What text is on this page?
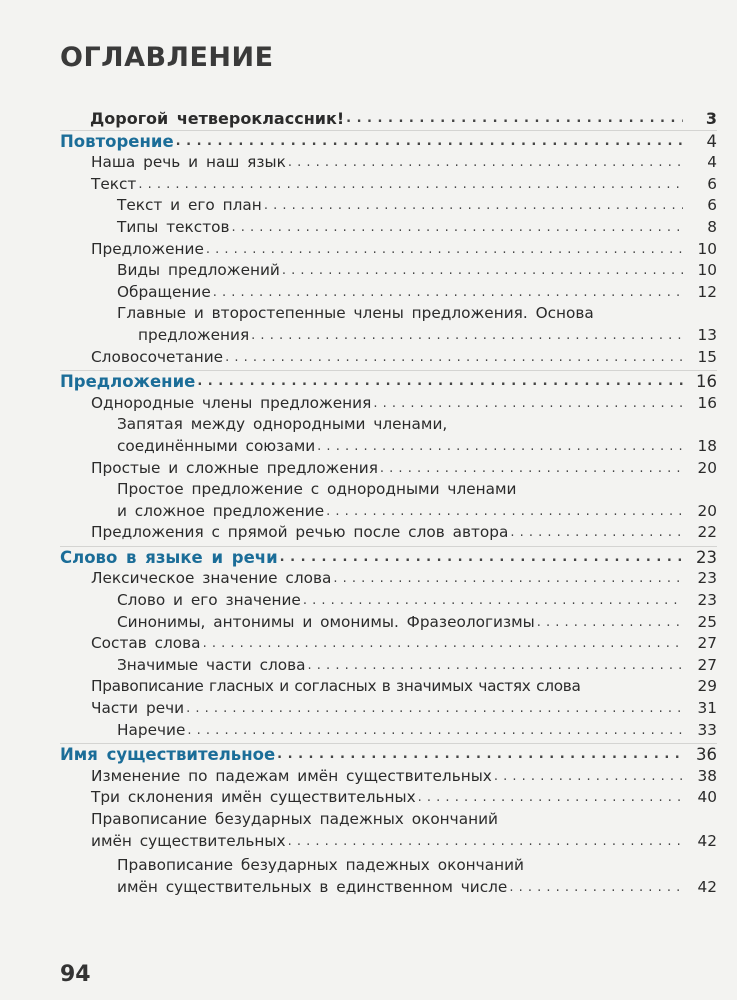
ОГЛАВЛЕНИЕ
Дорогой четвероклассник! . . .	3
Повторение . . .	4
Наша речь и наш язык . . .	4
Текст . . .	6
Текст и его план . . .	6
Типы текстов . . .	8
Предложение . . .	10
Виды предложений . . .	10
Обращение . . .	12
Главные и второстепенные члены предложения. Основа
предложения . . .	13
Словосочетание . . .	15
Предложение . . .	16
Однородные члены предложения . . .	16
Запятая между однородными членами,
соединёнными союзами . . .	18
Простые и сложные предложения . . .	20
Простое предложение с однородными членами
и сложное предложение . . .	20
Предложения с прямой речью после слов автора . . .	22
Слово в языке и речи . . .	23
Лексическое значение слова . . .	23
Слово и его значение . . .	23
Синонимы, антонимы и омонимы. Фразеологизмы . . .	25
Состав слова . . .	27
Значимые части слова . . .	27
Правописание гласных и согласных в значимых частях слова	29
Части речи . . .	31
Наречие . . .	33
Имя существительное . . .	36
Изменение по падежам имён существительных . . .	38
Три склонения имён существительных . . .	40
Правописание безударных падежных окончаний
имён существительных . . .	42
Правописание безударных падежных окончаний
имён существительных в единственном числе . . .	42
94
